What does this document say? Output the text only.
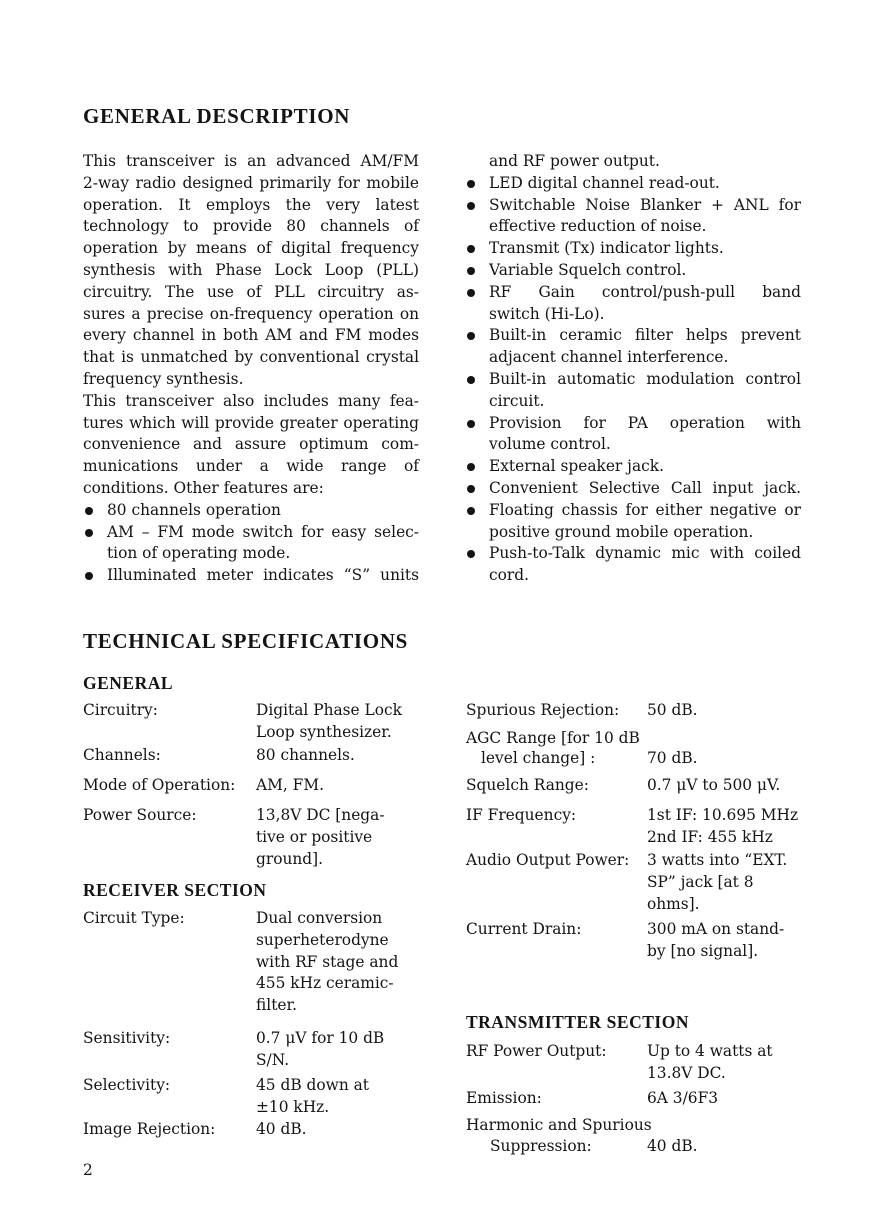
GENERAL DESCRIPTION
This transceiver is an advanced AM/FM
2-way radio designed primarily for mobile
operation. It employs the very latest
technology to provide 80 channels of
operation by means of digital frequency
synthesis with Phase Lock Loop (PLL)
circuitry. The use of PLL circuitry as-
sures a precise on-frequency operation on
every channel in both AM and FM modes
that is unmatched by conventional crystal
frequency synthesis.
This transceiver also includes many fea-
tures which will provide greater operating
convenience and assure optimum com-
munications under a wide range of
conditions. Other features are:
80 channels operation
AM – FM mode switch for easy selec-
tion of operating mode.
Illuminated meter indicates “S” units
and RF power output.
LED digital channel read-out.
Switchable Noise Blanker + ANL for
effective reduction of noise.
Transmit (Tx) indicator lights.
Variable Squelch control.
RF Gain control/push-pull band
switch (Hi-Lo).
Built-in ceramic filter helps prevent
adjacent channel interference.
Built-in automatic modulation control
circuit.
Provision for PA operation with
volume control.
External speaker jack.
Convenient Selective Call input jack.
Floating chassis for either negative or
positive ground mobile operation.
Push-to-Talk dynamic mic with coiled
cord.
TECHNICAL SPECIFICATIONS
GENERAL
Circuitry:	Digital Phase Lock
Loop synthesizer.
Channels:	80 channels.
Mode of Operation: AM, FM.
Power Source:	13,8V DC [nega-
tive or positive
ground].
RECEIVER SECTION
Circuit Type:	Dual conversion
superheterodyne
with RF stage and
455 kHz ceramic-
filter.
Sensitivity:	0.7 μV for 10 dB
S/N.
Selectivity:	45 dB down at
±10 kHz.
Image Rejection:	40 dB.
Spurious Rejection: 50 dB.
AGC Range [for 10 dB
level change] :	70 dB.
Squelch Range:	0.7 μV to 500 μV.
IF Frequency:	1st IF: 10.695 MHz
2nd IF: 455 kHz
Audio Output Power: 3 watts into “EXT.
SP” jack [at 8
ohms].
Current Drain:	300 mA on stand-
by [no signal].
TRANSMITTER SECTION
RF Power Output:	Up to 4 watts at
13.8V DC.
Emission:	6A 3/6F3
Harmonic and Spurious
Suppression:	40 dB.
2
